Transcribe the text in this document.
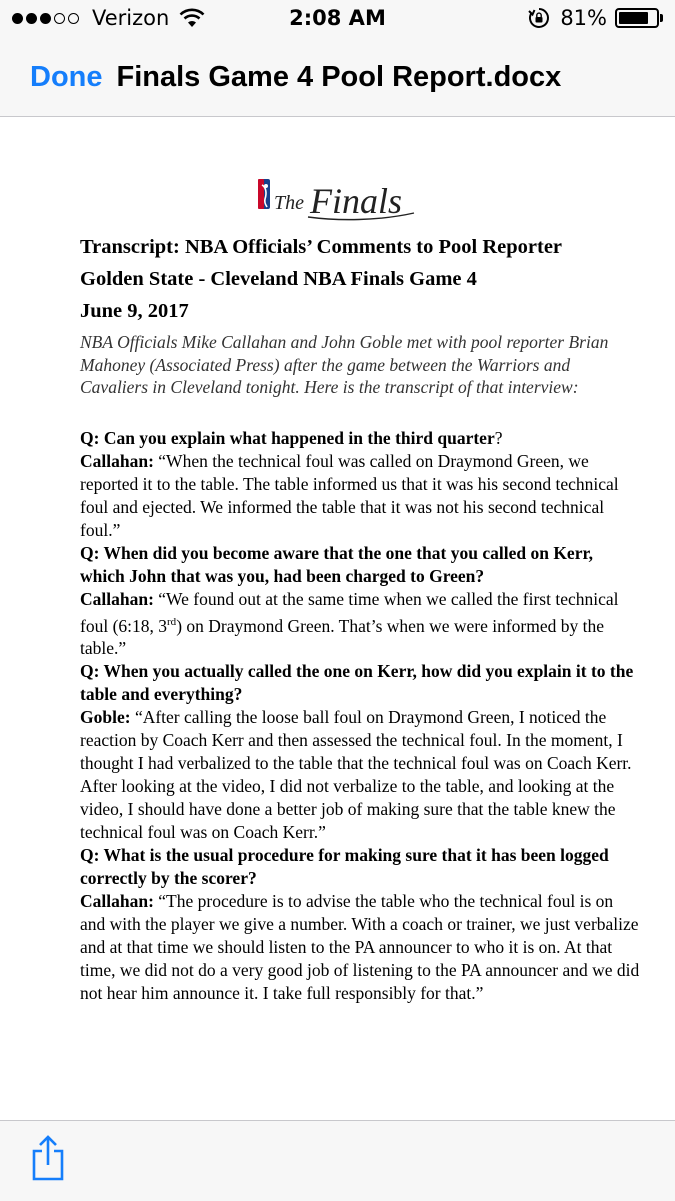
Verizon	2:08 AM	81%
Done Finals Game 4 Pool Report.docx
The Finals

Transcript: NBA Officials’ Comments to Pool Reporter

Golden State - Cleveland NBA Finals Game 4

June 9, 2017

NBA Officials Mike Callahan and John Goble met with pool reporter Brian Mahoney (Associated Press) after the game between the Warriors and Cavaliers in Cleveland tonight. Here is the transcript of that interview:

Q: Can you explain what happened in the third quarter?

Callahan: “When the technical foul was called on Draymond Green, we reported it to the table. The table informed us that it was his second technical foul and ejected. We informed the table that it was not his second technical foul.”

Q: When did you become aware that the one that you called on Kerr, which John that was you, had been charged to Green?

Callahan: “We found out at the same time when we called the first technical foul (6:18, 3rd) on Draymond Green. That’s when we were informed by the table.”

Q: When you actually called the one on Kerr, how did you explain it to the table and everything?

Goble: “After calling the loose ball foul on Draymond Green, I noticed the reaction by Coach Kerr and then assessed the technical foul. In the moment, I thought I had verbalized to the table that the technical foul was on Coach Kerr. After looking at the video, I did not verbalize to the table, and looking at the video, I should have done a better job of making sure that the table knew the technical foul was on Coach Kerr.”

Q: What is the usual procedure for making sure that it has been logged correctly by the scorer?

Callahan: “The procedure is to advise the table who the technical foul is on and with the player we give a number. With a coach or trainer, we just verbalize and at that time we should listen to the PA announcer to who it is on. At that time, we did not do a very good job of listening to the PA announcer and we did not hear him announce it. I take full responsibly for that.”
